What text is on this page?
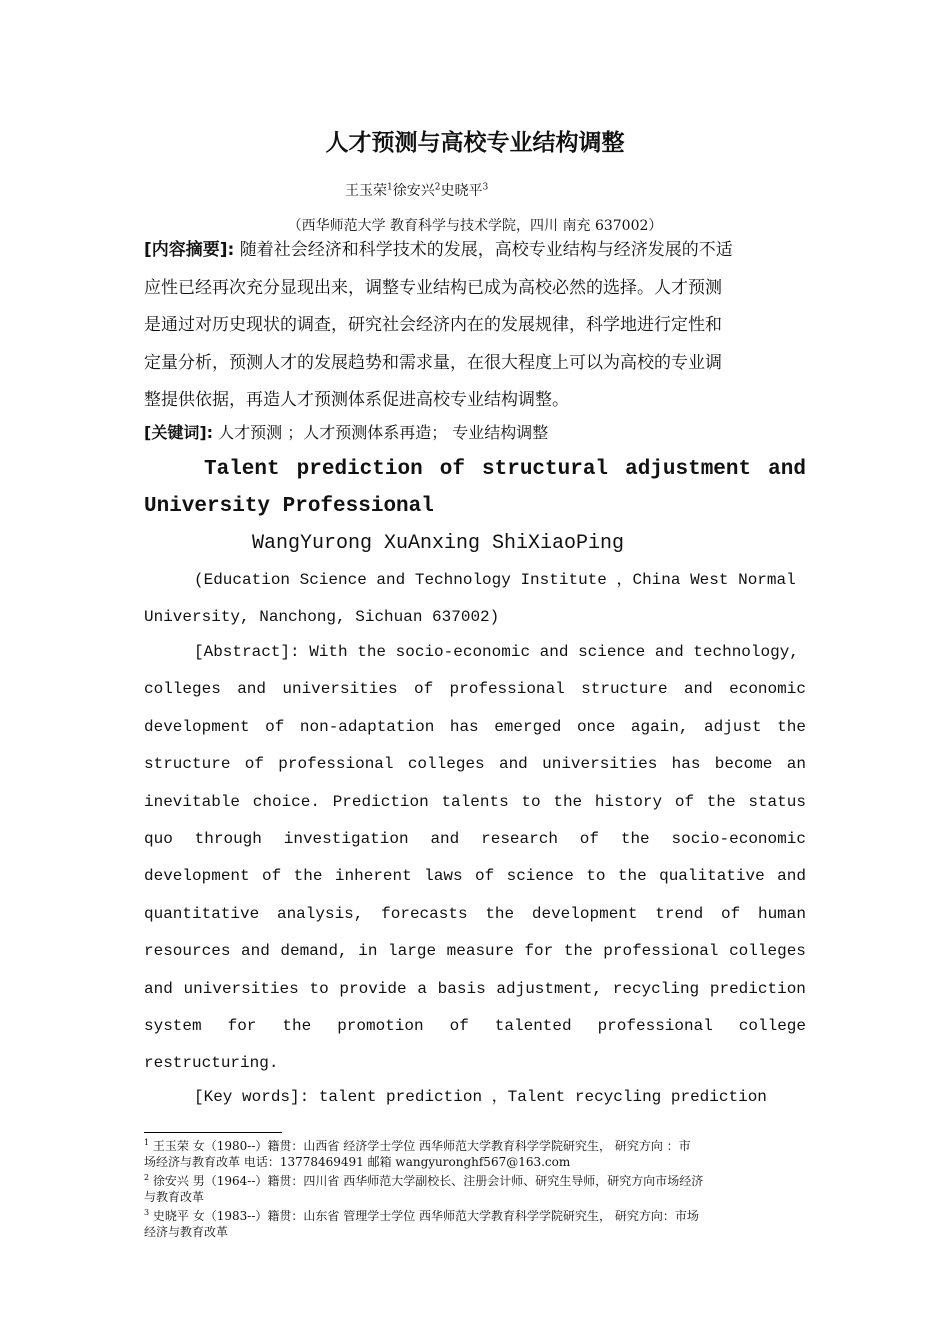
人才预测与高校专业结构调整
王玉荣$^1$徐安兴$^2$史晓平$^3$
（西华师范大学 教育科学与技术学院，四川 南充 637002）
[内容摘要]: 随着社会经济和科学技术的发展，高校专业结构与经济发展的不适
应性已经再次充分显现出来，调整专业结构已成为高校必然的选择。人才预测
是通过对历史现状的调查，研究社会经济内在的发展规律，科学地进行定性和
定量分析，预测人才的发展趋势和需求量，在很大程度上可以为高校的专业调
整提供依据，再造人才预测体系促进高校专业结构调整。
[关键词]: 人才预测 ；人才预测体系再造； 专业结构调整
Talent prediction of structural adjustment and
University Professional
WangYurong XuAnxing ShiXiaoPing
(Education Science and Technology Institute ，China West Normal
University, Nanchong, Sichuan 637002)
[Abstract]: With the socio-economic and science and technology,
colleges and universities of professional structure and economic
development of non-adaptation has emerged once again, adjust the
structure of professional colleges and universities has become an
inevitable choice. Prediction talents to the history of the status
quo through investigation and research of the socio-economic
development of the inherent laws of science to the qualitative and
quantitative analysis, forecasts the development trend of human
resources and demand, in large measure for the professional colleges
and universities to provide a basis adjustment, recycling prediction
system for the promotion of talented professional college
restructuring.
[Key words]: talent prediction ，Talent recycling prediction
$^1$ 王玉荣 女（1980--）籍贯：山西省 经济学士学位 西华师范大学教育科学学院研究生， 研究方向 ：市
场经济与教育改革 电话：13778469491 邮箱 wangyuronghf567@163.com
$^2$ 徐安兴 男（1964--）籍贯：四川省 西华师范大学副校长、注册会计师、研究生导师，研究方向市场经济
与教育改革
$^3$ 史晓平 女（1983--）籍贯：山东省 管理学士学位 西华师范大学教育科学学院研究生， 研究方向：市场
经济与教育改革
